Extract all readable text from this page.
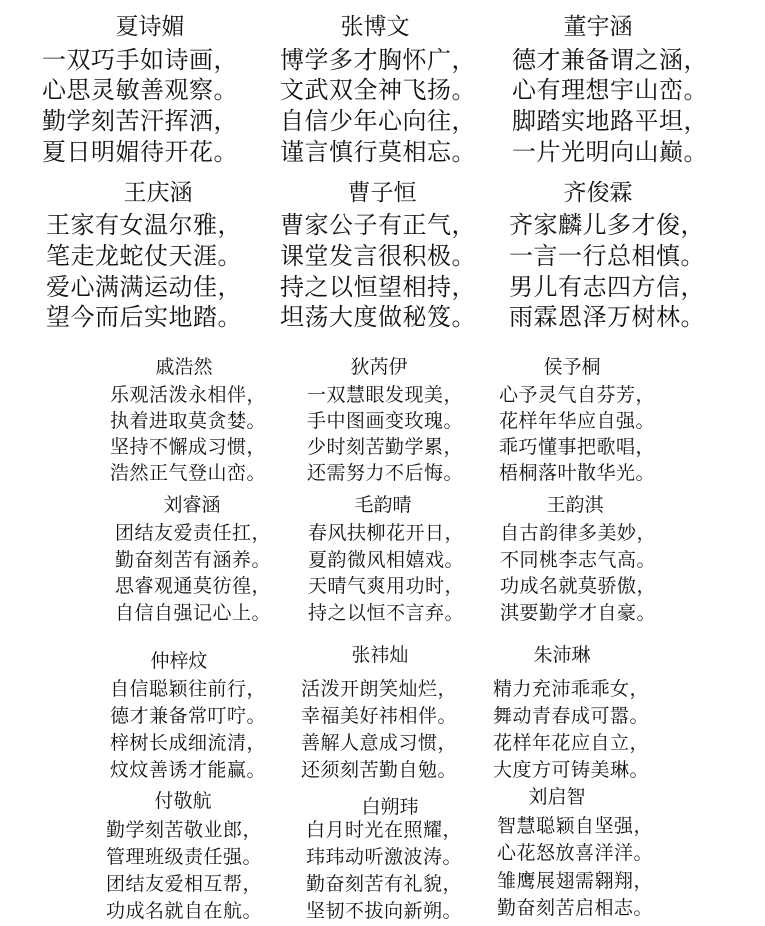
夏诗媚
一双巧手如诗画，
心思灵敏善观察。
勤学刻苦汗挥洒，
夏日明媚待开花。
张博文
博学多才胸怀广，
文武双全神飞扬。
自信少年心向往，
谨言慎行莫相忘。
董宇涵
德才兼备谓之涵，
心有理想宇山峦。
脚踏实地路平坦，
一片光明向山巅。
王庆涵
王家有女温尔雅，
笔走龙蛇仗天涯。
爱心满满运动佳，
望今而后实地踏。
曹子恒
曹家公子有正气，
课堂发言很积极。
持之以恒望相持，
坦荡大度做秘笈。
齐俊霖
齐家麟儿多才俊，
一言一行总相慎。
男儿有志四方信，
雨霖恩泽万树林。
戚浩然
乐观活泼永相伴，
执着进取莫贪婪。
坚持不懈成习惯，
浩然正气登山峦。
狄芮伊
一双慧眼发现美，
手中图画变玫瑰。
少时刻苦勤学累，
还需努力不后悔。
侯予桐
心予灵气自芬芳，
花样年华应自强。
乖巧懂事把歌唱，
梧桐落叶散华光。
刘睿涵
团结友爱责任扛，
勤奋刻苦有涵养。
思睿观通莫彷徨，
自信自强记心上。
毛韵晴
春风扶柳花开日，
夏韵微风相嬉戏。
天晴气爽用功时，
持之以恒不言弃。
王韵淇
自古韵律多美妙，
不同桃李志气高。
功成名就莫骄傲，
淇要勤学才自豪。
仲梓炆
自信聪颖往前行，
德才兼备常叮咛。
梓树长成细流清，
炆炆善诱才能赢。
张祎灿
活泼开朗笑灿烂，
幸福美好祎相伴。
善解人意成习惯，
还须刻苦勤自勉。
朱沛琳
精力充沛乖乖女，
舞动青春成可嚣。
花样年花应自立，
大度方可铸美琳。
付敬航
勤学刻苦敬业郎，
管理班级责任强。
团结友爱相互帮，
功成名就自在航。
白朔玮
白月时光在照耀，
玮玮动听激波涛。
勤奋刻苦有礼貌，
坚韧不拔向新朔。
刘启智
智慧聪颖自坚强，
心花怒放喜洋洋。
雏鹰展翅需翱翔，
勤奋刻苦启相志。
